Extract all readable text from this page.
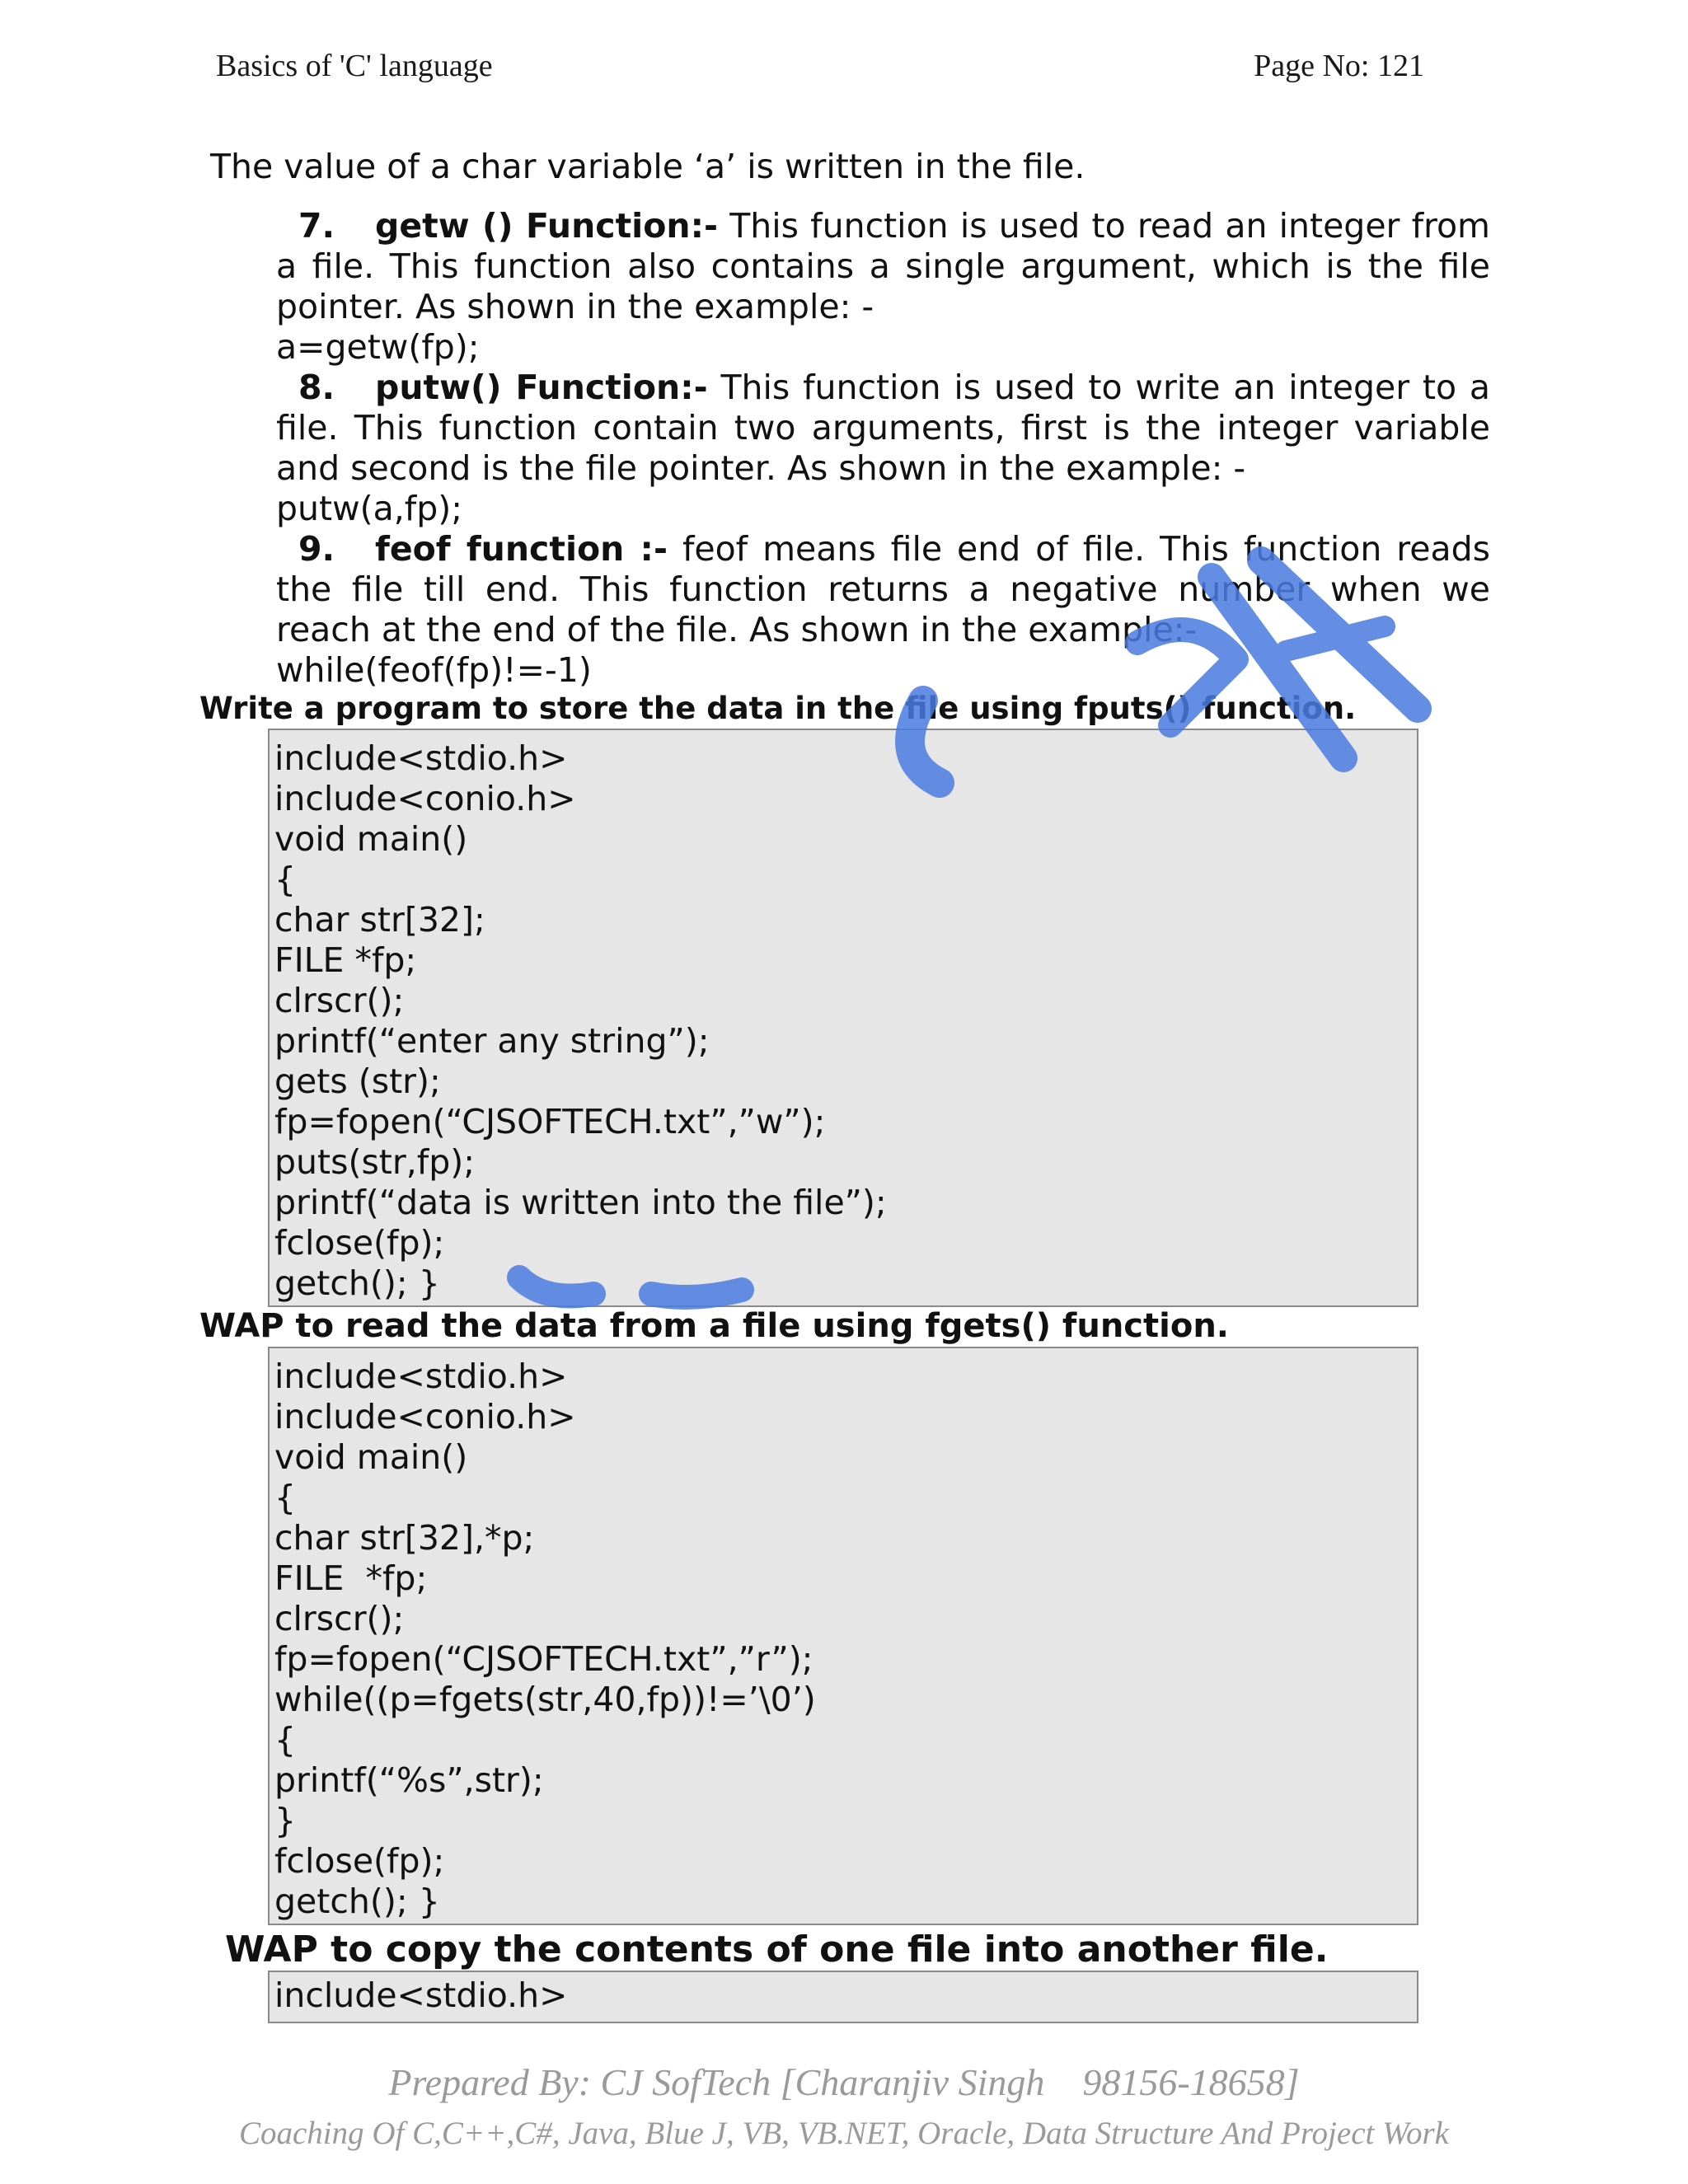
Basics of 'C' language	Page No: 121
The value of a char variable ‘a’ is written in the file.

7. getw () Function:- This function is used to read an integer from a file. This function also contains a single argument, which is the file pointer. As shown in the example: -

a=getw(fp);

8. putw() Function:- This function is used to write an integer to a file. This function contain two arguments, first is the integer variable and second is the file pointer. As shown in the example: -

putw(a,fp);

9. feof function :- feof means file end of file. This function reads the file till end. This function returns a negative number when we reach at the end of the file. As shown in the example:-

while(feof(fp)!=-1)

Write a program to store the data in the file using fputs() function.
include<stdio.h>
include<conio.h>
void main()
{
char str[32];
FILE *fp;
clrscr();
printf(“enter any string”);
gets (str);
fp=fopen(“CJSOFTECH.txt”,”w”);
puts(str,fp);
printf(“data is written into the file”);
fclose(fp);
getch(); }
WAP to read the data from a file using fgets() function.
include<stdio.h>
include<conio.h>
void main()
{
char str[32],*p;
FILE  *fp;
clrscr();
fp=fopen(“CJSOFTECH.txt”,”r”);
while((p=fgets(str,40,fp))!=’\0’)
{
printf(“%s”,str);
}
fclose(fp);
getch(); }
WAP to copy the contents of one file into another file.
include<stdio.h>
Prepared By: CJ SofTech [Charanjiv Singh    98156-18658]
Coaching Of C,C++,C#, Java, Blue J, VB, VB.NET, Oracle, Data Structure And Project Work
